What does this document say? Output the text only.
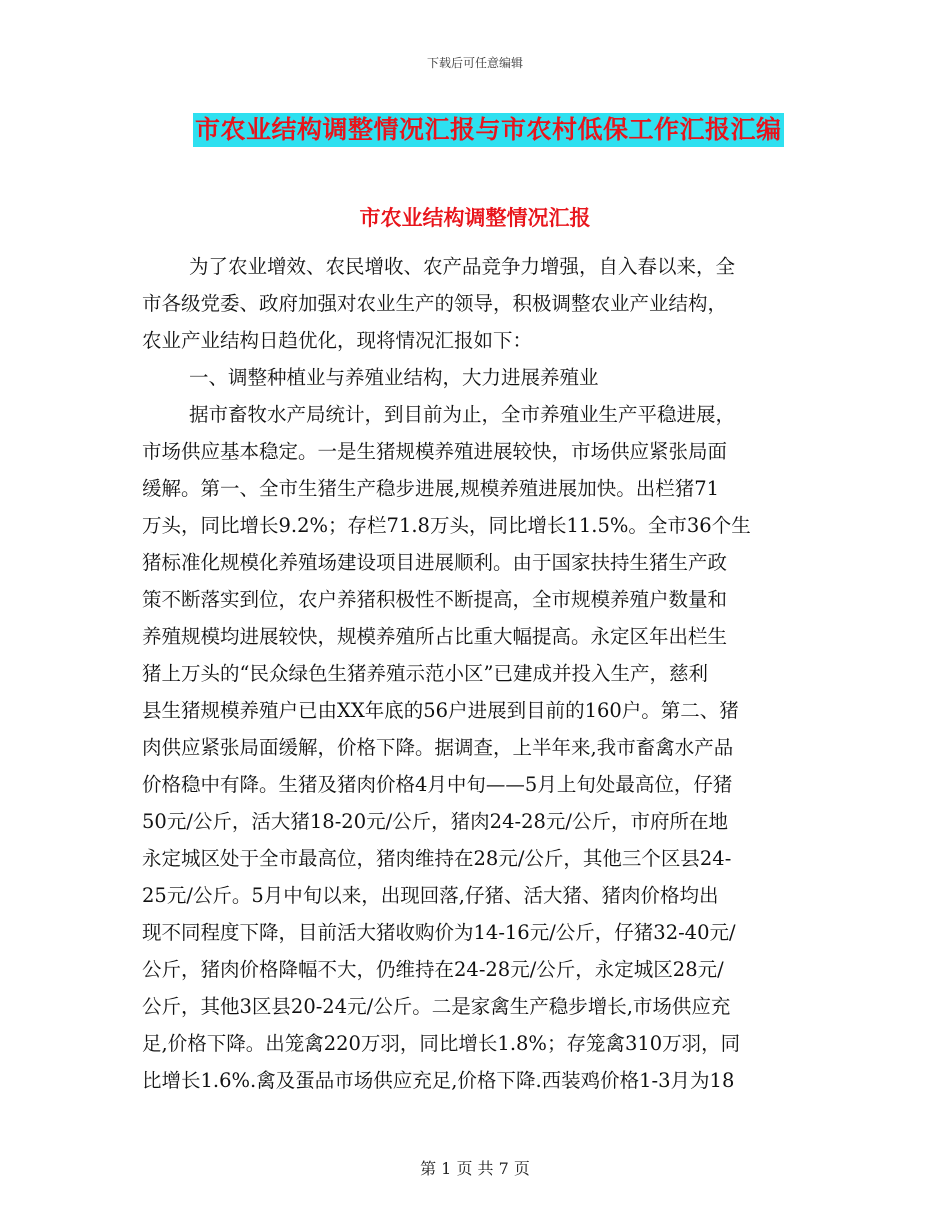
下载后可任意编辑
市农业结构调整情况汇报与市农村低保工作汇报汇编
市农业结构调整情况汇报
为了农业增效、农民增收、农产品竞争力增强，自入春以来，全
市各级党委、政府加强对农业生产的领导，积极调整农业产业结构，
农业产业结构日趋优化，现将情况汇报如下：
一、调整种植业与养殖业结构，大力进展养殖业
据市畜牧水产局统计，到目前为止，全市养殖业生产平稳进展，
市场供应基本稳定。一是生猪规模养殖进展较快，市场供应紧张局面
缓解。第一、全市生猪生产稳步进展,规模养殖进展加快。出栏猪71
万头，同比增长9.2%；存栏71.8万头，同比增长11.5%。全市36个生
猪标准化规模化养殖场建设项目进展顺利。由于国家扶持生猪生产政
策不断落实到位，农户养猪积极性不断提高，全市规模养殖户数量和
养殖规模均进展较快，规模养殖所占比重大幅提高。永定区年出栏生
猪上万头的“民众绿色生猪养殖示范小区”已建成并投入生产，慈利
县生猪规模养殖户已由XX年底的56户进展到目前的160户。第二、猪
肉供应紧张局面缓解，价格下降。据调查，上半年来,我市畜禽水产品
价格稳中有降。生猪及猪肉价格4月中旬——5月上旬处最高位，仔猪
50元/公斤，活大猪18-20元/公斤，猪肉24-28元/公斤，市府所在地
永定城区处于全市最高位，猪肉维持在28元/公斤，其他三个区县24-
25元/公斤。5月中旬以来，出现回落,仔猪、活大猪、猪肉价格均出
现不同程度下降，目前活大猪收购价为14-16元/公斤，仔猪32-40元/
公斤，猪肉价格降幅不大，仍维持在24-28元/公斤，永定城区28元/
公斤，其他3区县20-24元/公斤。二是家禽生产稳步增长,市场供应充
足,价格下降。出笼禽220万羽，同比增长1.8%；存笼禽310万羽，同
比增长1.6%.禽及蛋品市场供应充足,价格下降.西装鸡价格1-3月为18
第 1 页 共 7 页
